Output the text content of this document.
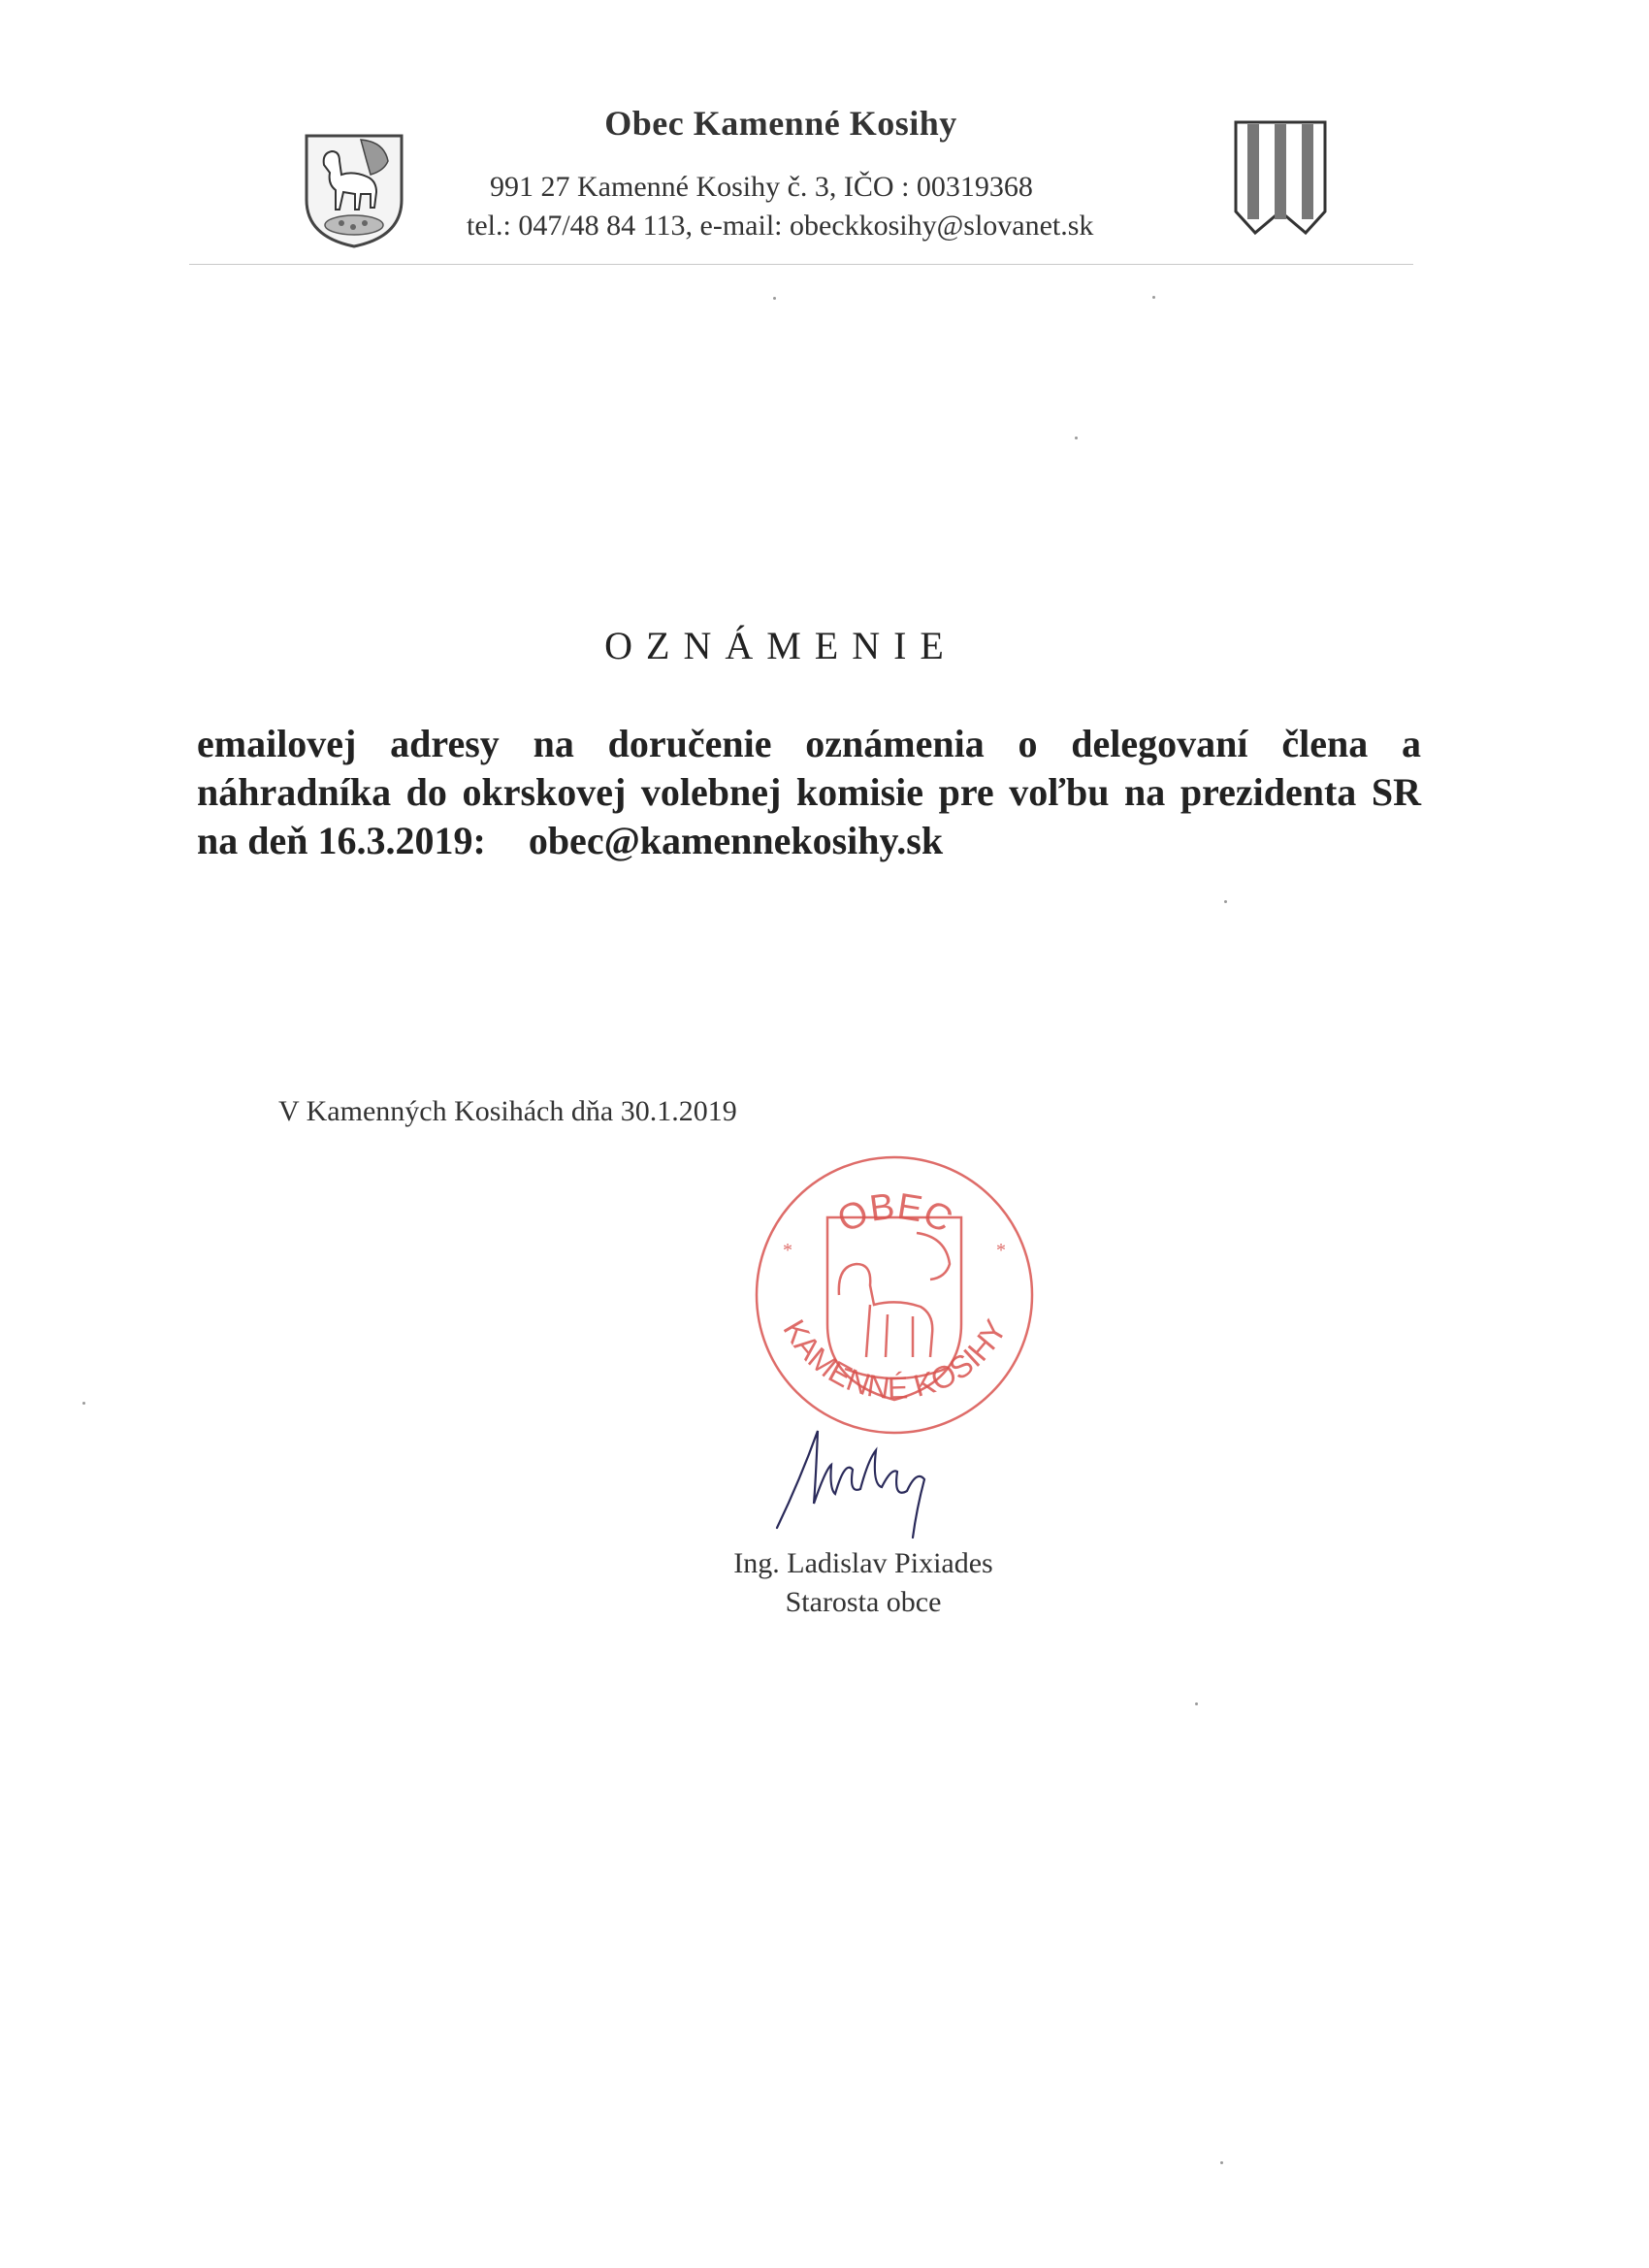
Obec Kamenné Kosihy
991 27 Kamenné Kosihy č. 3, IČO : 00319368
tel.: 047/48 84 113, e-mail: obeckkosihy@slovanet.sk
OZNÁMENIE
emailovej adresy na doručenie oznámenia o delegovaní člena a náhradníka do okrskovej volebnej komisie pre voľbu na prezidenta SR na deň 16.3.2019: obec@kamennekosihy.sk
V Kamenných Kosihách dňa 30.1.2019
OBEC
KAMENNÉ KOSIHY
*	*
Ing. Ladislav Pixiades
Starosta obce
